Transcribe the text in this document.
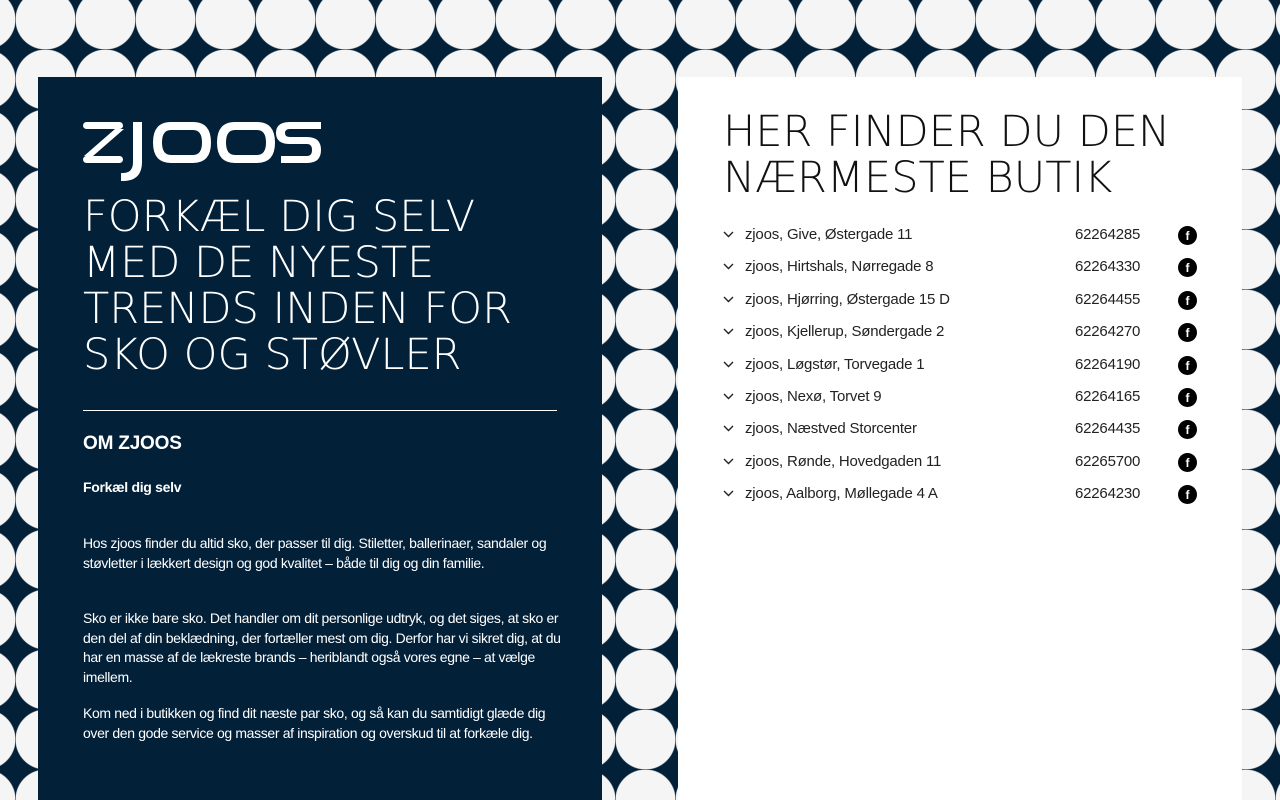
FORKÆL DIG SELV MED DE NYESTE TRENDS INDEN FOR SKO OG STØVLER
OM ZJOOS

Forkæl dig selv

Hos zjoos finder du altid sko, der passer til dig. Stiletter, ballerinaer, sandaler og støvletter i lækkert design og god kvalitet – både til dig og din familie.

Sko er ikke bare sko. Det handler om dit personlige udtryk, og det siges, at sko er den del af din beklædning, der fortæller mest om dig. Derfor har vi sikret dig, at du har en masse af de lækreste brands – heriblandt også vores egne – at vælge imellem.

Kom ned i butikken og find dit næste par sko, og så kan du samtidigt glæde dig over den gode service og masser af inspiration og overskud til at forkæle dig.

HER FINDER DU DEN NÆRMESTE BUTIK
zjoos, Give, Østergade 11	62264285	f
zjoos, Hirtshals, Nørregade 8	62264330	f
zjoos, Hjørring, Østergade 15 D	62264455	f
zjoos, Kjellerup, Søndergade 2	62264270	f
zjoos, Løgstør, Torvegade 1	62264190	f
zjoos, Nexø, Torvet 9	62264165	f
zjoos, Næstved Storcenter	62264435	f
zjoos, Rønde, Hovedgaden 11	62265700	f
zjoos, Aalborg, Møllegade 4 A	62264230	f
